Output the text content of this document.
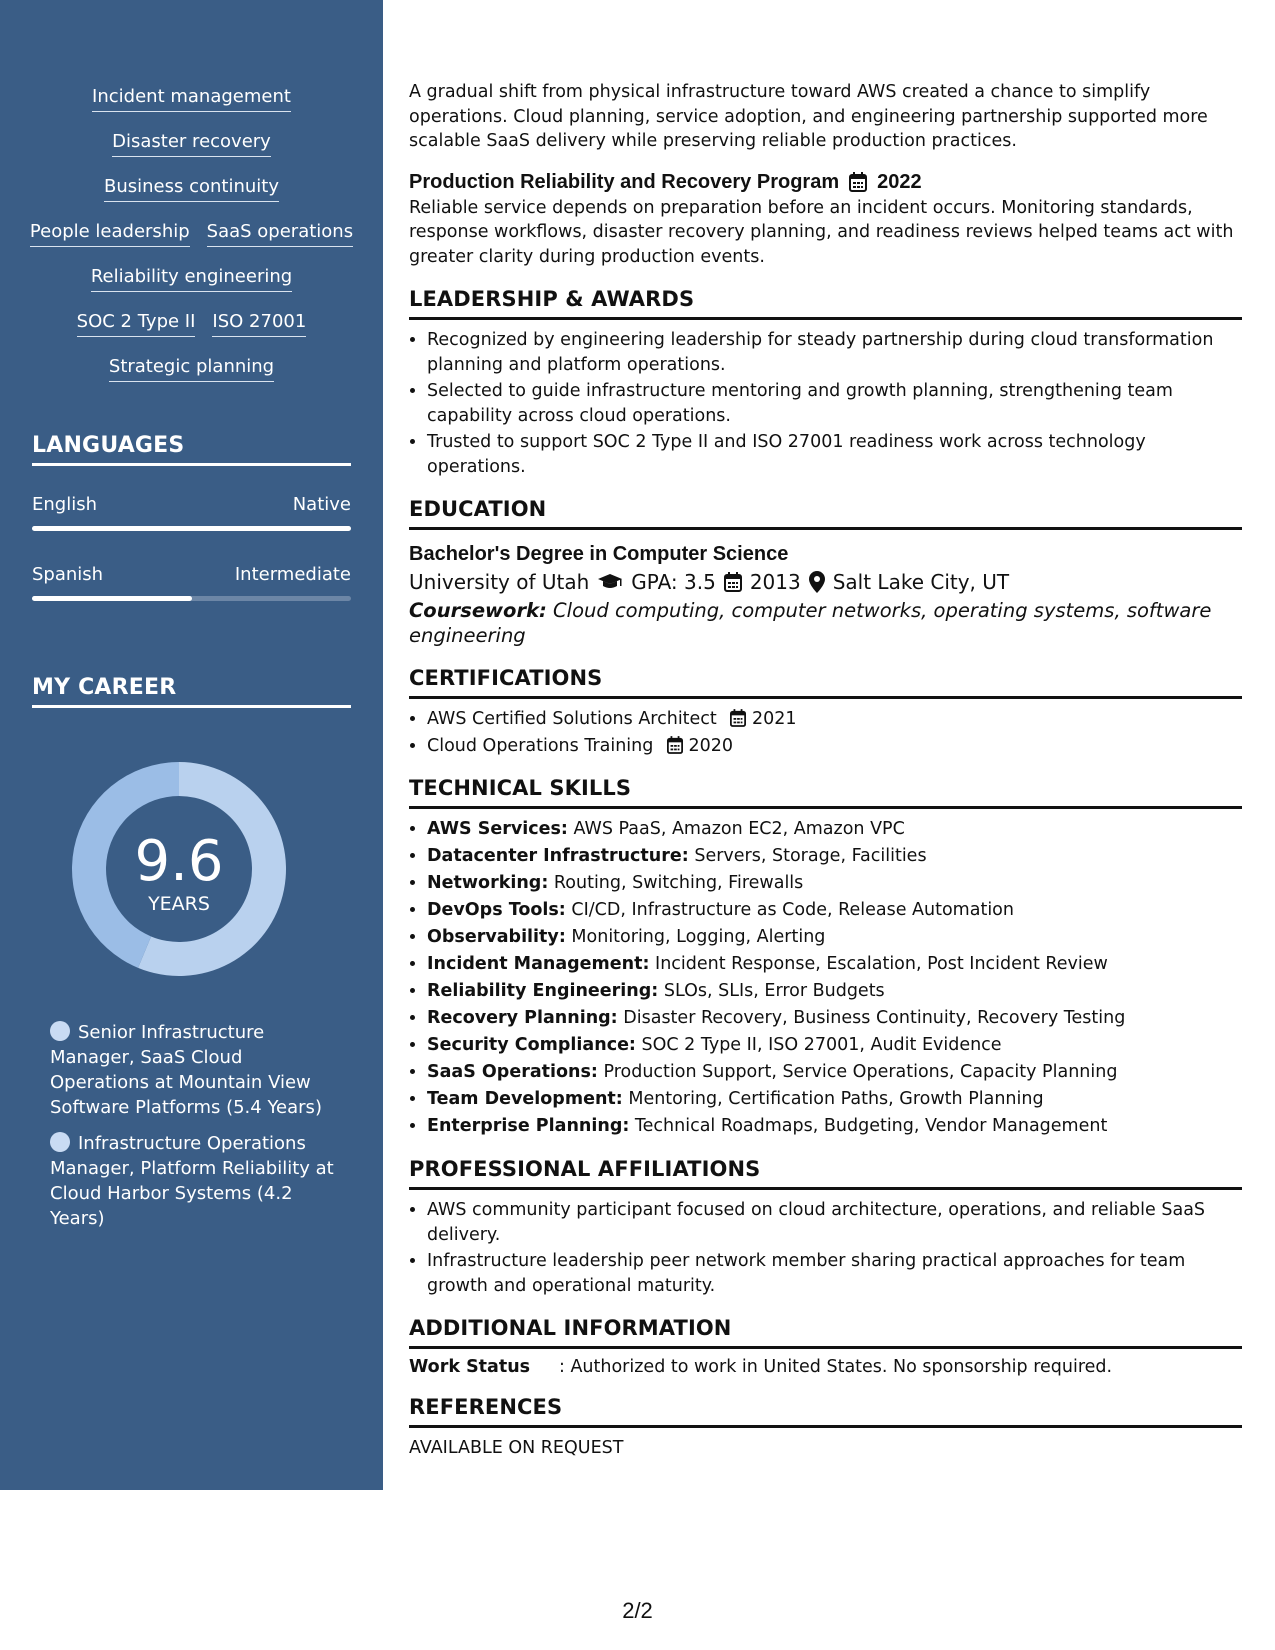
Incident management
Disaster recovery
Business continuity
People leadership SaaS operations
Reliability engineering
SOC 2 Type II ISO 27001
Strategic planning
LANGUAGES
English	Native
Spanish	Intermediate
MY CAREER
9.6
YEARS
Senior Infrastructure Manager, SaaS Cloud Operations at Mountain View Software Platforms (5.4 Years)
Infrastructure Operations Manager, Platform Reliability at Cloud Harbor Systems (4.2 Years)

A gradual shift from physical infrastructure toward AWS created a chance to simplify operations. Cloud planning, service adoption, and engineering partnership supported more scalable SaaS delivery while preserving reliable production practices.

Production Reliability and Recovery Program 2022

Reliable service depends on preparation before an incident occurs. Monitoring standards, response workflows, disaster recovery planning, and readiness reviews helped teams act with greater clarity during production events.

LEADERSHIP & AWARDS
• Recognized by engineering leadership for steady partnership during cloud transformation planning and platform operations.
• Selected to guide infrastructure mentoring and growth planning, strengthening team capability across cloud operations.
• Trusted to support SOC 2 Type II and ISO 27001 readiness work across technology operations.
EDUCATION
Bachelor's Degree in Computer Science
University of Utah GPA: 3.5 2013 Salt Lake City, UT
Coursework: Cloud computing, computer networks, operating systems, software engineering
CERTIFICATIONS
• AWS Certified Solutions Architect 2021
• Cloud Operations Training 2020
TECHNICAL SKILLS
• AWS Services: AWS PaaS, Amazon EC2, Amazon VPC
• Datacenter Infrastructure: Servers, Storage, Facilities
• Networking: Routing, Switching, Firewalls
• DevOps Tools: CI/CD, Infrastructure as Code, Release Automation
• Observability: Monitoring, Logging, Alerting
• Incident Management: Incident Response, Escalation, Post Incident Review
• Reliability Engineering: SLOs, SLIs, Error Budgets
• Recovery Planning: Disaster Recovery, Business Continuity, Recovery Testing
• Security Compliance: SOC 2 Type II, ISO 27001, Audit Evidence
• SaaS Operations: Production Support, Service Operations, Capacity Planning
• Team Development: Mentoring, Certification Paths, Growth Planning
• Enterprise Planning: Technical Roadmaps, Budgeting, Vendor Management
PROFESSIONAL AFFILIATIONS
• AWS community participant focused on cloud architecture, operations, and reliable SaaS delivery.
• Infrastructure leadership peer network member sharing practical approaches for team growth and operational maturity.
ADDITIONAL INFORMATION
Work Status	: Authorized to work in United States. No sponsorship required.
REFERENCES
AVAILABLE ON REQUEST
2/2
